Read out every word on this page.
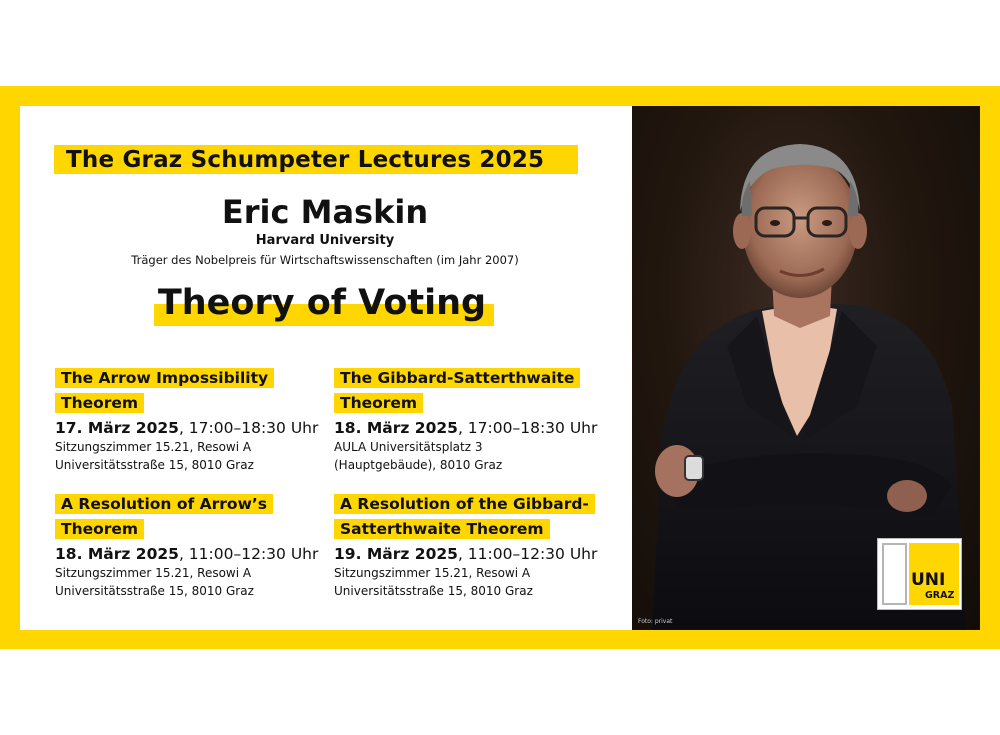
The Graz Schumpeter Lectures 2025
Eric Maskin
Harvard University
Träger des Nobelpreis für Wirtschaftswissenschaften (im Jahr 2007)
Theory of Voting
The Arrow Impossibility
Theorem
17. März 2025, 17:00–18:30 Uhr
Sitzungszimmer 15.21, Resowi A
Universitätsstraße 15, 8010 Graz
The Gibbard-Satterthwaite
Theorem
18. März 2025, 17:00–18:30 Uhr
AULA Universitätsplatz 3
(Hauptgebäude), 8010 Graz
A Resolution of Arrow’s
Theorem
18. März 2025, 11:00–12:30 Uhr
Sitzungszimmer 15.21, Resowi A
Universitätsstraße 15, 8010 Graz
A Resolution of the Gibbard-
Satterthwaite Theorem
19. März 2025, 11:00–12:30 Uhr
Sitzungszimmer 15.21, Resowi A
Universitätsstraße 15, 8010 Graz
Foto: privat
UNI
GRAZ
